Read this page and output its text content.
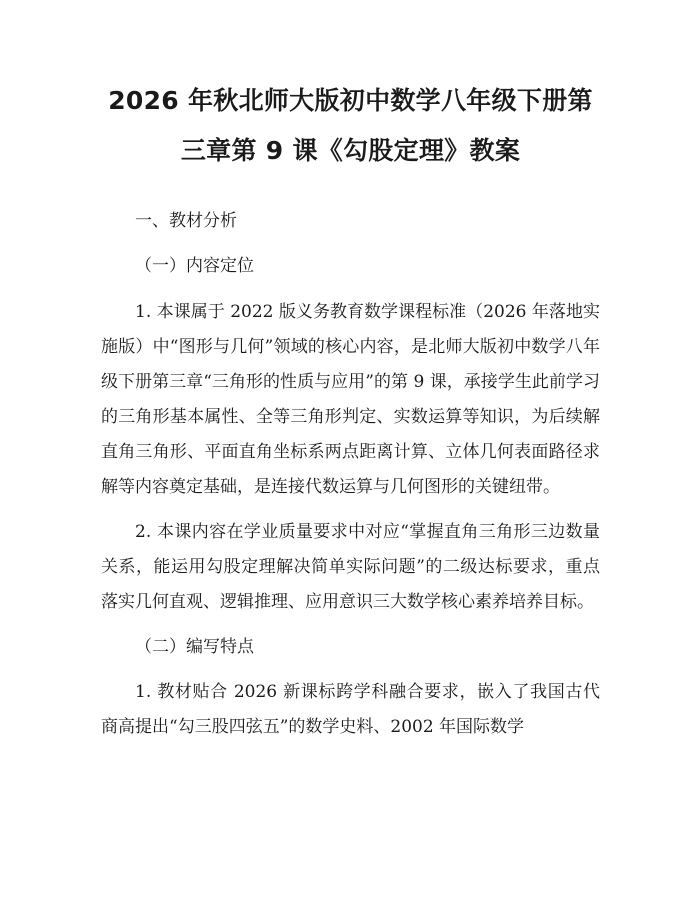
2026 年秋北师大版初中数学八年级下册第三章第 9 课《勾股定理》教案

一、教材分析

（一）内容定位

1. 本课属于 2022 版义务教育数学课程标准（2026 年落地实施版）中“图形与几何”领域的核心内容，是北师大版初中数学八年级下册第三章“三角形的性质与应用”的第 9 课，承接学生此前学习的三角形基本属性、全等三角形判定、实数运算等知识，为后续解直角三角形、平面直角坐标系两点距离计算、立体几何表面路径求解等内容奠定基础，是连接代数运算与几何图形的关键纽带。

2. 本课内容在学业质量要求中对应“掌握直角三角形三边数量关系，能运用勾股定理解决简单实际问题”的二级达标要求，重点落实几何直观、逻辑推理、应用意识三大数学核心素养培养目标。

（二）编写特点

1. 教材贴合 2026 新课标跨学科融合要求，嵌入了我国古代商高提出“勾三股四弦五”的数学史料、2002 年国际数学
